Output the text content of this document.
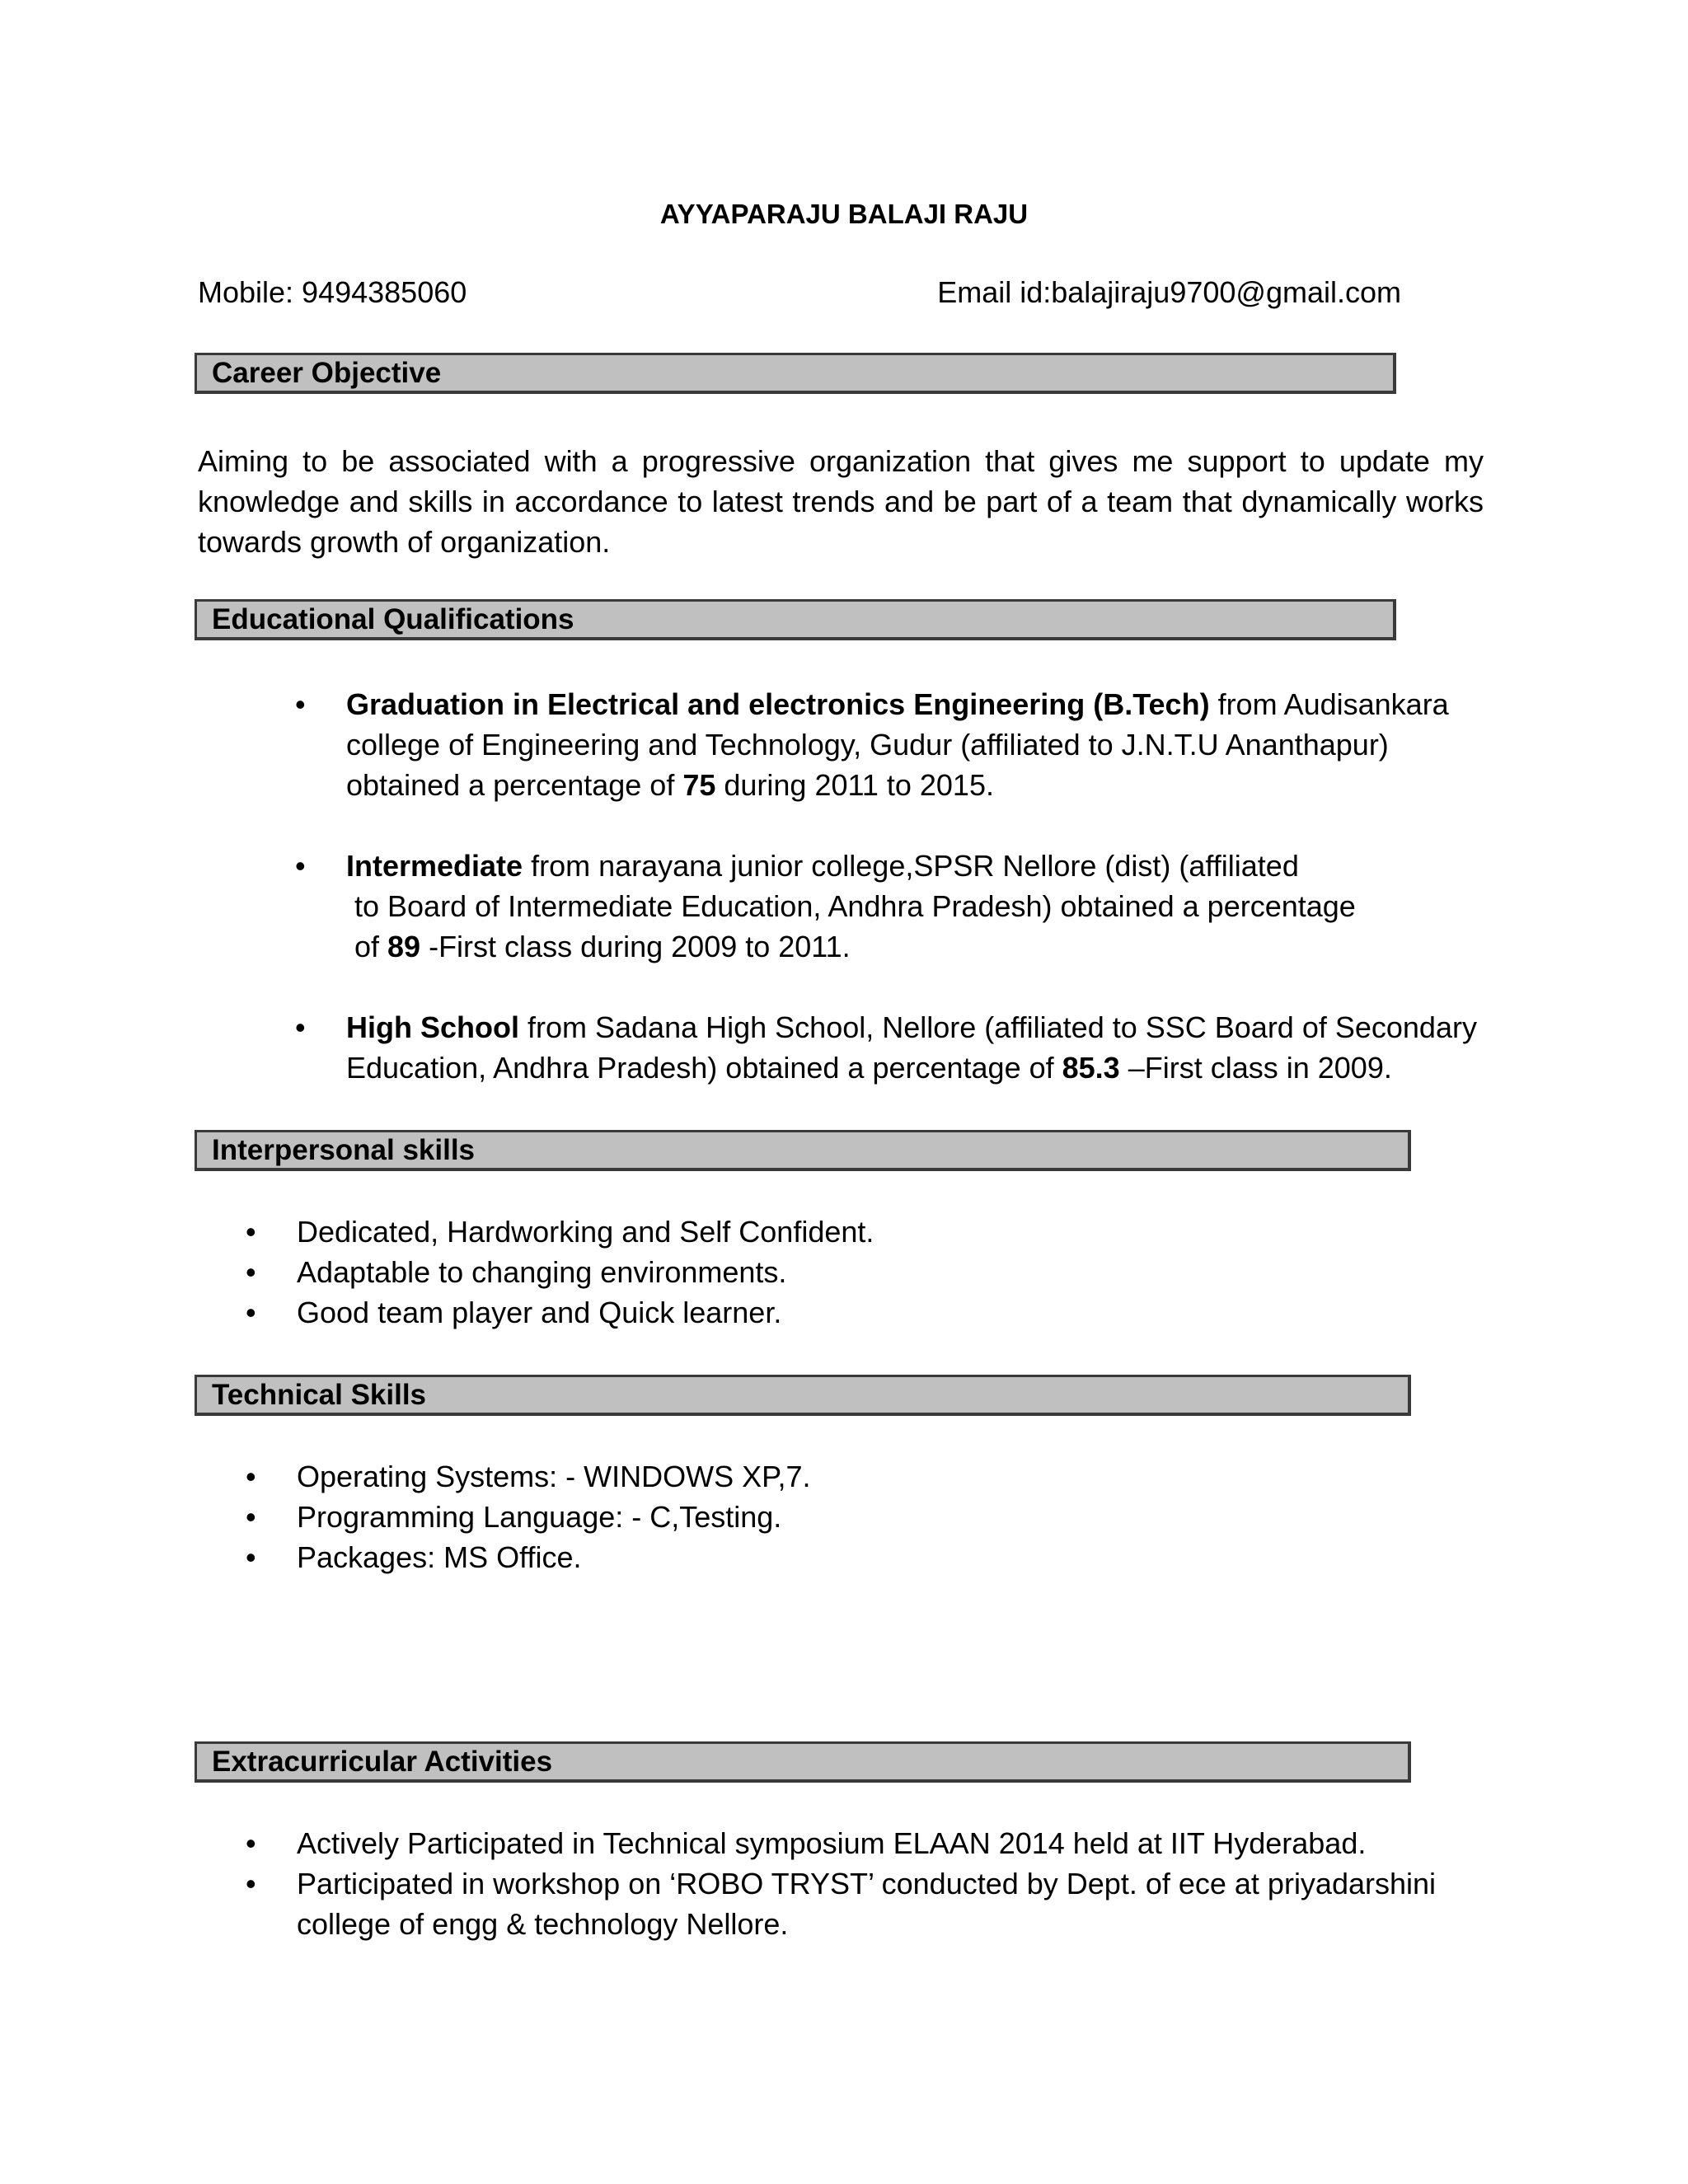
AYYAPARAJU BALAJI RAJU
Mobile: 9494385060	Email id:balajiraju9700@gmail.com
Career Objective
Aiming to be associated with a progressive organization that gives me support to update my knowledge and skills in accordance to latest trends and be part of a team that dynamically works towards growth of organization.
Educational Qualifications
• Graduation in Electrical and electronics Engineering (B.Tech) from Audisankara
college of Engineering and Technology, Gudur (affiliated to J.N.T.U Ananthapur)
obtained a percentage of 75 during 2011 to 2015.
• Intermediate from narayana junior college,SPSR Nellore (dist) (affiliated
to Board of Intermediate Education, Andhra Pradesh) obtained a percentage
of 89 -First class during 2009 to 2011.
• High School from Sadana High School, Nellore (affiliated to SSC Board of Secondary
Education, Andhra Pradesh) obtained a percentage of 85.3 –First class in 2009.
Interpersonal skills
• Dedicated, Hardworking and Self Confident.
• Adaptable to changing environments.
• Good team player and Quick learner.
Technical Skills
• Operating Systems: - WINDOWS XP,7.
• Programming Language: - C,Testing.
• Packages: MS Office.
Extracurricular Activities
• Actively Participated in Technical symposium ELAAN 2014 held at IIT Hyderabad.
• Participated in workshop on ‘ROBO TRYST’ conducted by Dept. of ece at priyadarshini
college of engg & technology Nellore.
